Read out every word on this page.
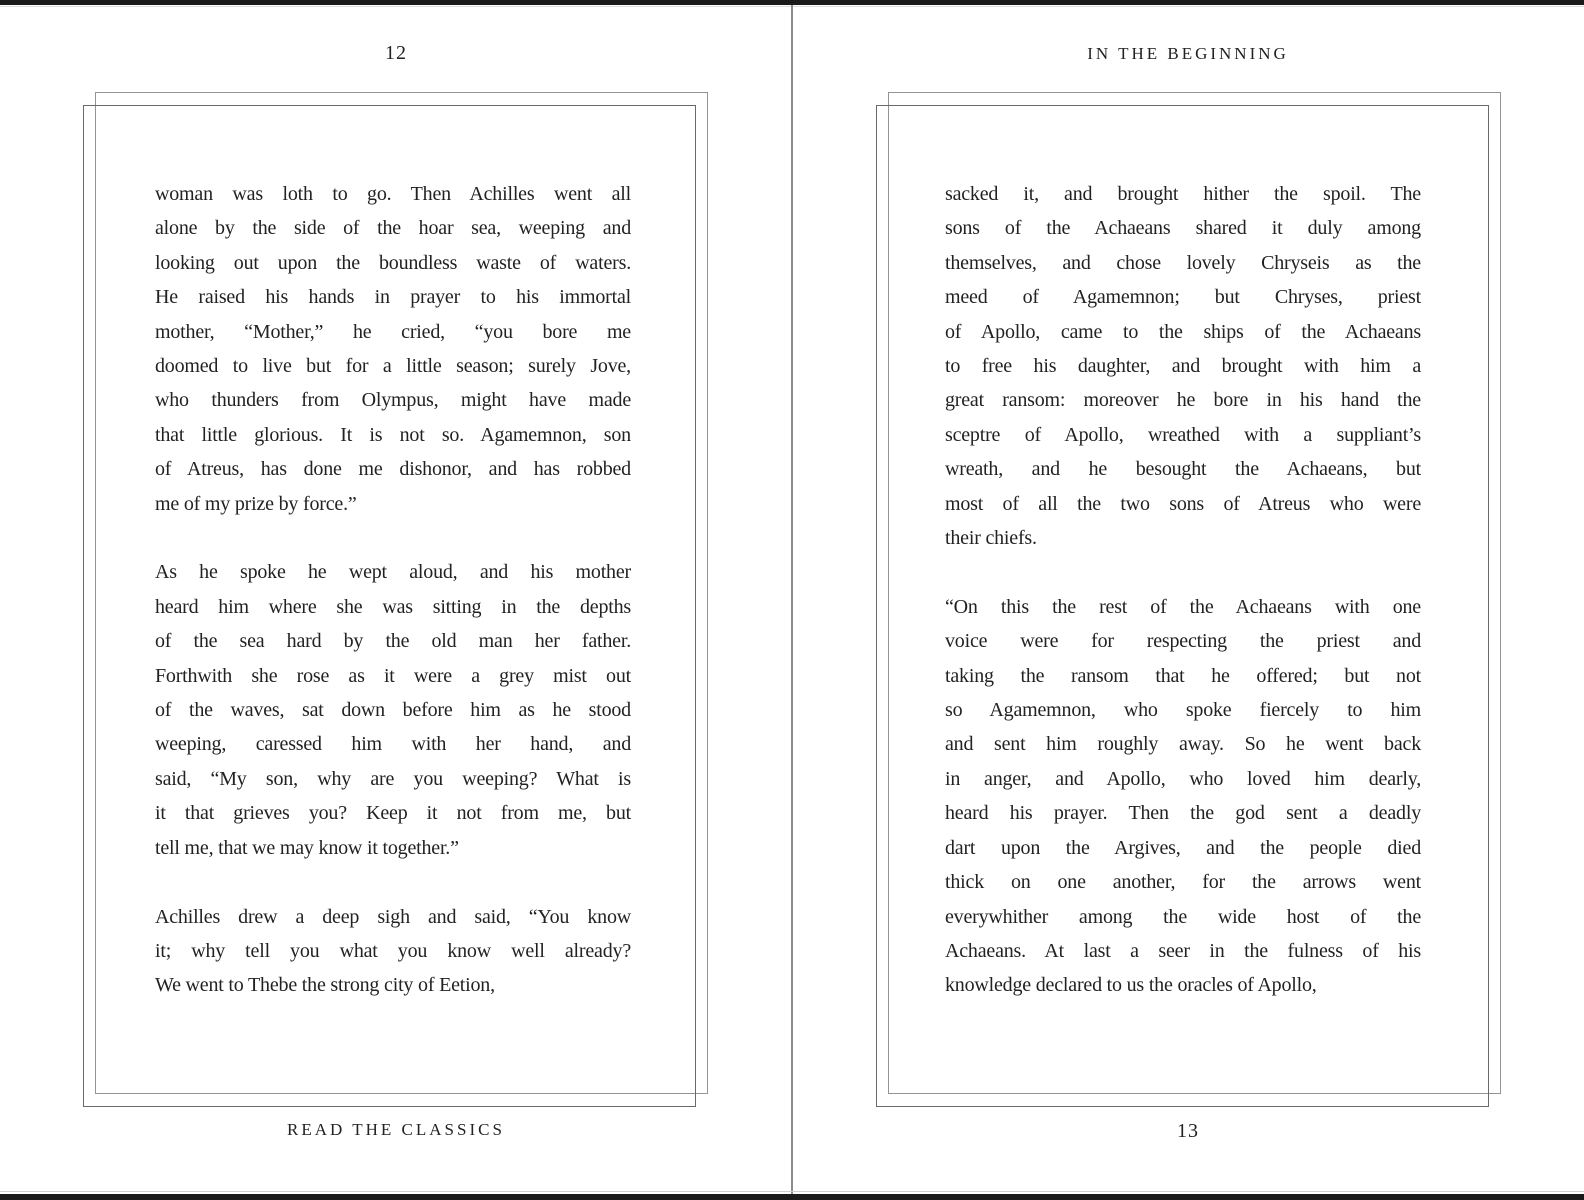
12
woman was loth to go. Then Achilles went all
alone by the side of the hoar sea, weeping and
looking out upon the boundless waste of waters.
He raised his hands in prayer to his immortal
mother, “Mother,” he cried, “you bore me
doomed to live but for a little season; surely Jove,
who thunders from Olympus, might have made
that little glorious. It is not so. Agamemnon, son
of Atreus, has done me dishonor, and has robbed
me of my prize by force.”
As he spoke he wept aloud, and his mother
heard him where she was sitting in the depths
of the sea hard by the old man her father.
Forthwith she rose as it were a grey mist out
of the waves, sat down before him as he stood
weeping, caressed him with her hand, and
said, “My son, why are you weeping? What is
it that grieves you? Keep it not from me, but
tell me, that we may know it together.”
Achilles drew a deep sigh and said, “You know
it; why tell you what you know well already?
We went to Thebe the strong city of Eetion,
READ THE CLASSICS
IN THE BEGINNING
sacked it, and brought hither the spoil. The
sons of the Achaeans shared it duly among
themselves, and chose lovely Chryseis as the
meed of Agamemnon; but Chryses, priest
of Apollo, came to the ships of the Achaeans
to free his daughter, and brought with him a
great ransom: moreover he bore in his hand the
sceptre of Apollo, wreathed with a suppliant’s
wreath, and he besought the Achaeans, but
most of all the two sons of Atreus who were
their chiefs.
“On this the rest of the Achaeans with one
voice were for respecting the priest and
taking the ransom that he offered; but not
so Agamemnon, who spoke fiercely to him
and sent him roughly away. So he went back
in anger, and Apollo, who loved him dearly,
heard his prayer. Then the god sent a deadly
dart upon the Argives, and the people died
thick on one another, for the arrows went
everywhither among the wide host of the
Achaeans. At last a seer in the fulness of his
knowledge declared to us the oracles of Apollo,
13
